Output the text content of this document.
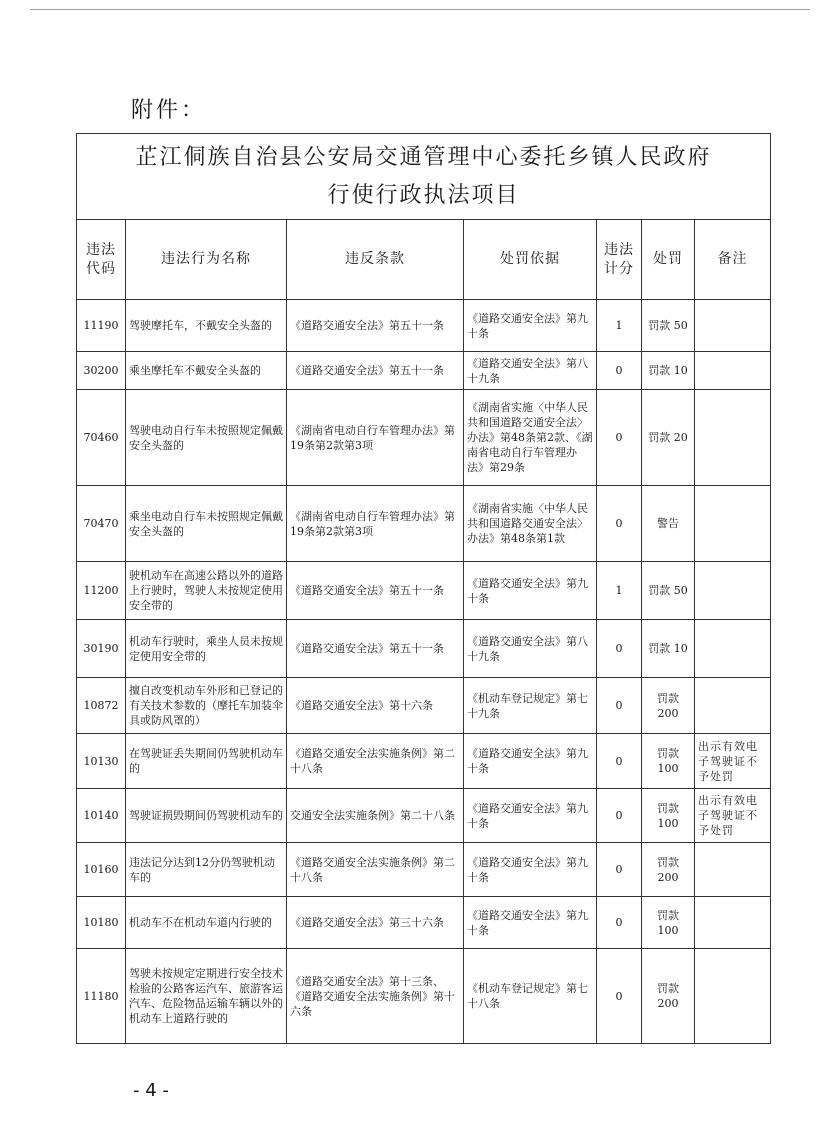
附件：
芷江侗族自治县公安局交通管理中心委托乡镇人民政府
行使行政执法项目						

违法代码	违法行为名称	违反条款	处罚依据	违法计分	处罚	备注
11190	驾驶摩托车，不戴安全头盔的	《道路交通安全法》第五十一条	《道路交通安全法》第九十条	1	罚款 50	
30200	乘坐摩托车不戴安全头盔的	《道路交通安全法》第五十一条	《道路交通安全法》第八十九条	0	罚款 10	
70460	驾驶电动自行车未按照规定佩戴安全头盔的	《湖南省电动自行车管理办法》第19条第2款第3项	《湖南省实施〈中华人民共和国道路交通安全法〉办法》第48条第2款、《湖南省电动自行车管理办法》第29条	0	罚款 20	
70470	乘坐电动自行车未按照规定佩戴安全头盔的	《湖南省电动自行车管理办法》第19条第2款第3项	《湖南省实施〈中华人民共和国道路交通安全法〉办法》第48条第1款	0	警告	
11200	驶机动车在高速公路以外的道路上行驶时，驾驶人未按规定使用安全带的	《道路交通安全法》第五十一条	《道路交通安全法》第九十条	1	罚款 50	
30190	机动车行驶时，乘坐人员未按规定使用安全带的	《道路交通安全法》第五十一条	《道路交通安全法》第八十九条	0	罚款 10	
10872	擅自改变机动车外形和已登记的有关技术参数的（摩托车加装伞具或防风罩的）	《道路交通安全法》第十六条	《机动车登记规定》第七十九条	0	罚款 200	
10130	在驾驶证丢失期间仍驾驶机动车的	《道路交通安全法实施条例》第二十八条	《道路交通安全法》第九十条	0	罚款 100	出示有效电子驾驶证不予处罚
10140	驾驶证损毁期间仍驾驶机动车的	交通安全法实施条例》第二十八条	《道路交通安全法》第九十条	0	罚款 100	出示有效电子驾驶证不予处罚
10160	违法记分达到12分仍驾驶机动车的	《道路交通安全法实施条例》第二十八条	《道路交通安全法》第九十条	0	罚款 200	
10180	机动车不在机动车道内行驶的	《道路交通安全法》第三十六条	《道路交通安全法》第九十条	0	罚款 100	
11180	驾驶未按规定定期进行安全技术检验的公路客运汽车、旅游客运汽车、危险物品运输车辆以外的机动车上道路行驶的	《道路交通安全法》第十三条、《道路交通安全法实施条例》第十六条	《机动车登记规定》第七十八条	0	罚款 200	
- 4 -
